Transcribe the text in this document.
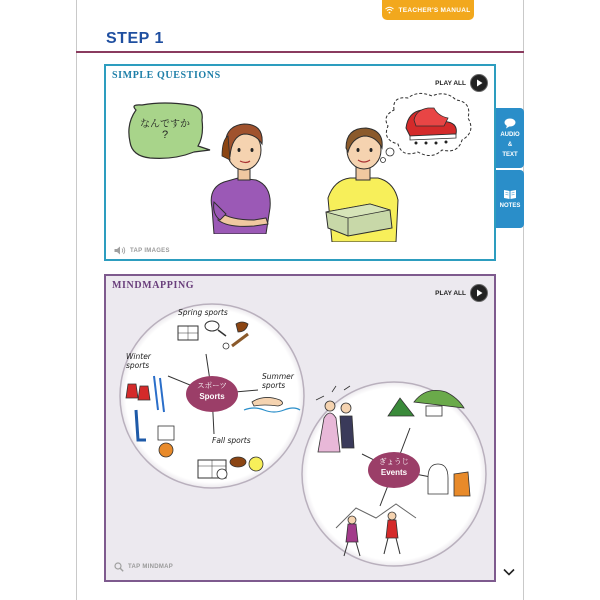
TEACHER'S MANUAL
STEP 1
AUDIO
&
TEXT
NOTES
SIMPLE QUESTIONS
PLAY ALL
なんですか
?
TAP IMAGES
MINDMAPPING
PLAY ALL
スポーツ
Sports
Spring sports
Winter sports
Summer sports
Fall sports
ぎょうじ
Events
TAP MINDMAP
